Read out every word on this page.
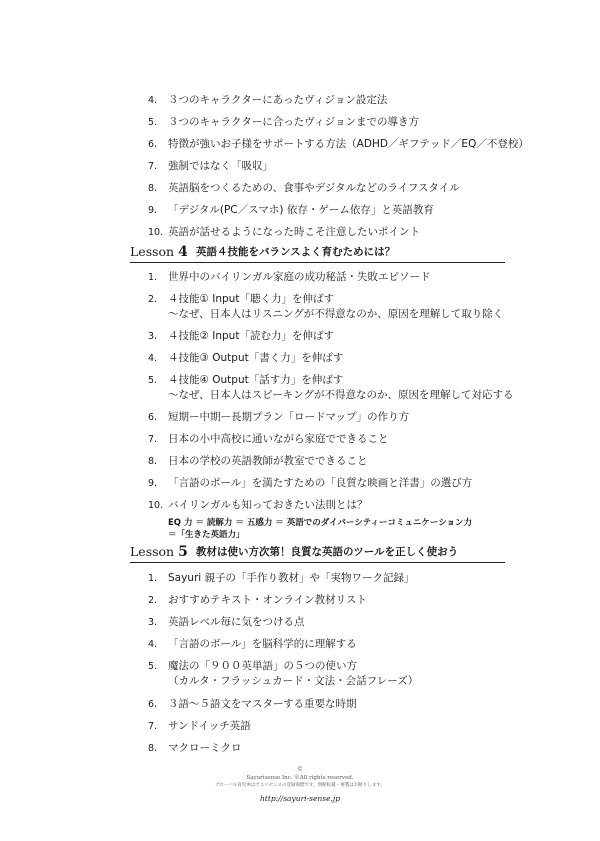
4.	３つのキャラクターにあったヴィジョン設定法
5.	３つのキャラクターに合ったヴィジョンまでの導き方
6.	特徴が強いお子様をサポートする方法（ADHD／ギフテッド／EQ／不登校）
7.	強制ではなく「吸収」
8.	英語脳をつくるための、食事やデジタルなどのライフスタイル
9.	「デジタル(PC／スマホ) 依存・ゲーム依存」と英語教育
10. 英語が話せるようになった時こそ注意したいポイント
Lesson 4 英語４技能をバランスよく育むためには？
1.	世界中のバイリンガル家庭の成功秘話・失敗エピソード
2.	４技能① Input「聴く力」を伸ばす
〜なぜ、日本人はリスニングが不得意なのか、原因を理解して取り除く
3.	４技能② Input「読む力」を伸ばす
4.	４技能③ Output「書く力」を伸ばす
5.	４技能④ Output「話す力」を伸ばす
〜なぜ、日本人はスピーキングが不得意なのか、原因を理解して対応する
6.	短期ー中期ー長期プラン「ロードマップ」の作り方
7.	日本の小中高校に通いながら家庭でできること
8.	日本の学校の英語教師が教室でできること
9.	「言語のボール」を満たすための「良質な映画と洋書」の選び方
10. バイリンガルも知っておきたい法則とは？
EQ 力 ＝ 読解力 ＝ 五感力 ＝ 英語でのダイバーシティーコミュニケーション力
＝「生きた英語力」
Lesson 5 教材は使い方次第！良質な英語のツールを正しく使おう
1.	Sayuri 親子の「手作り教材」や「実物ワーク記録」
2.	おすすめテキスト・オンライン教材リスト
3.	英語レベル毎に気をつける点
4.	「言語のボール」を脳科学的に理解する
5.	魔法の「９００英単語」の５つの使い方
（カルタ・フラッシュカード・文法・会話フレーズ）
6.	３語〜５語文をマスターする重要な時期
7.	サンドイッチ英語
8.	マクローミクロ
©
Sayurisense Inc. ©All rights reserved.
グローバル育児®はサユリセンスの登録商標です。無断転載・複製はお断りします。
http://sayuri-sense.jp
